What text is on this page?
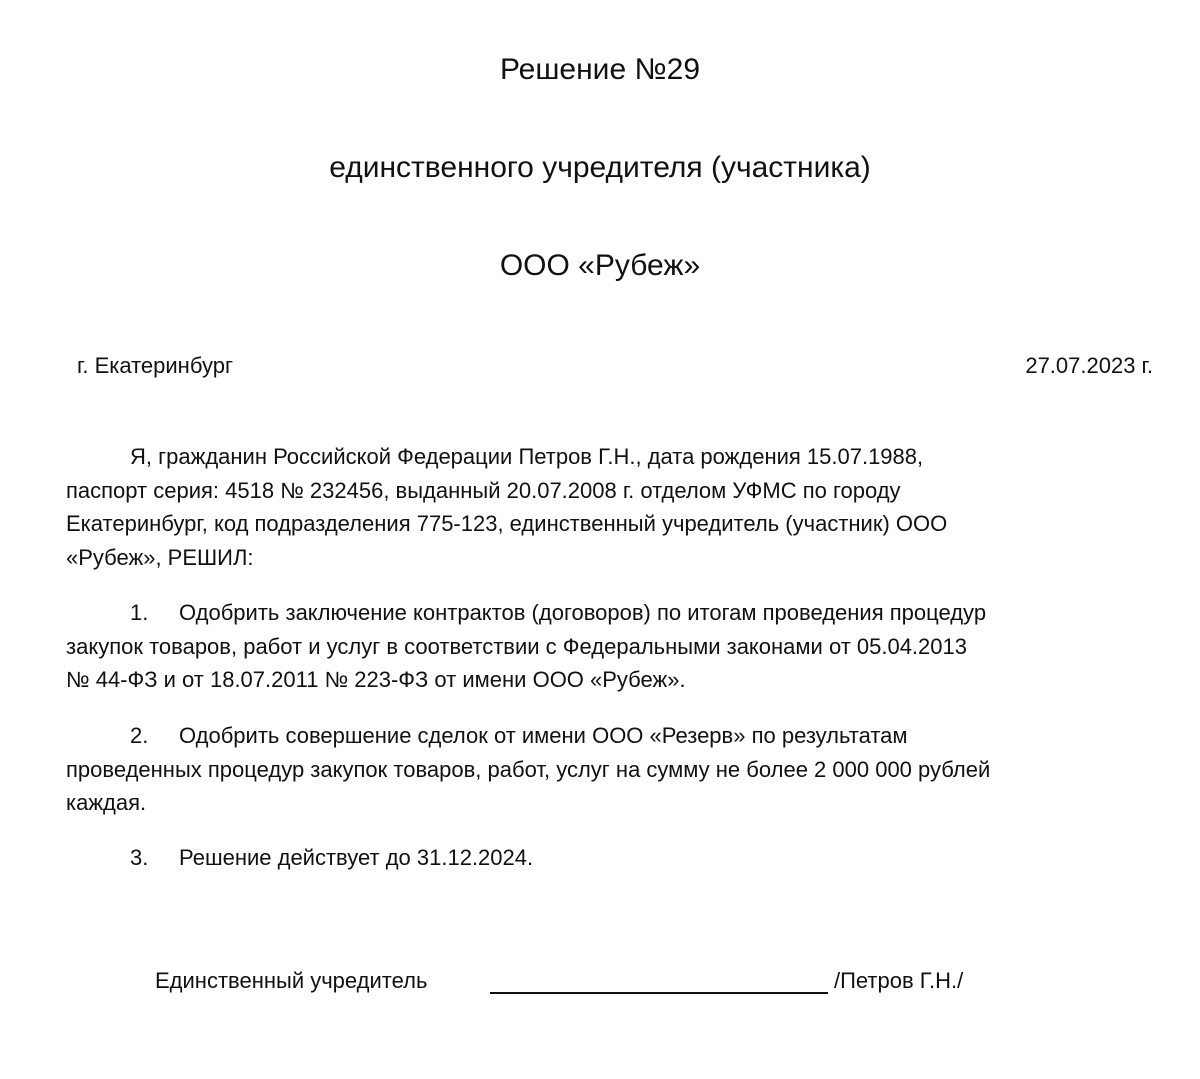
Решение №29
единственного учредителя (участника)
ООО «Рубеж»
г. Екатеринбург	27.07.2023 г.

Я, гражданин Российской Федерации Петров Г.Н., дата рождения 15.07.1988,
паспорт серия: 4518 № 232456, выданный 20.07.2008 г. отделом УФМС по городу
Екатеринбург, код подразделения 775-123, единственный учредитель (участник) ООО
«Рубеж», РЕШИЛ:

1. Одобрить заключение контрактов (договоров) по итогам проведения процедур
закупок товаров, работ и услуг в соответствии с Федеральными законами от 05.04.2013
№ 44-ФЗ и от 18.07.2011 № 223-ФЗ от имени ООО «Рубеж».

2. Одобрить совершение сделок от имени ООО «Резерв» по результатам
проведенных процедур закупок товаров, работ, услуг на сумму не более 2 000 000 рублей
каждая.

3. Решение действует до 31.12.2024.

Единственный учредитель	/Петров Г.Н./
